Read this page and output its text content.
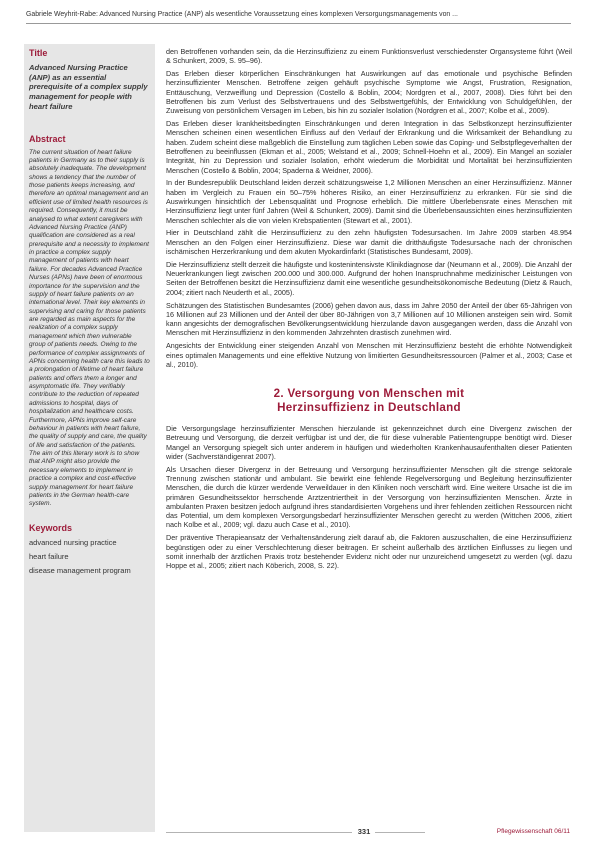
Gabriele Weyhrit-Rabe: Advanced Nursing Practice (ANP) als wesentliche Voraussetzung eines komplexen Versorgungsmanagements von ...
Title
Advanced Nursing Practice (ANP) as an essential prerequisite of a complex supply management for people with heart failure
Abstract

The current situation of heart failure patients in Germany as to their supply is absolutely inadequate. The development shows a tendency that the number of those patients keeps increasing, and therefore an optimal management and an efficient use of limited health resources is required. Consequently, it must be analysed to what extent caregivers with Advanced Nursing Practice (ANP) qualification are considered as a real prerequisite and a necessity to implement in practice a complex supply management of patients with heart failure. For decades Advanced Practice Nurses (APNs) have been of enormous importance for the supervision and the supply of heart failure patients on an international level. Their key elements in supervising and caring for those patients are regarded as main aspects for the realization of a complex supply management which then vulnerable group of patients needs. Owing to the performance of complex assignments of APNs concerning health care this leads to a prolongation of lifetime of heart failure patients and offers them a longer and asymptomatic life. They verifiably contribute to the reduction of repeated admissions to hospital, days of hospitalization and healthcare costs. Furthermore, APNs improve self-care behaviour in patients with heart failure, the quality of supply and care, the quality of life and satisfaction of the patients.

The aim of this literary work is to show that ANP might also provide the necessary elements to implement in practice a complex and cost-effective supply management for heart failure patients in the German health-care system.

Keywords
advanced nursing practice
heart failure
disease management program

den Betroffenen vorhanden sein, da die Herzinsuffizienz zu einem Funktionsverlust verschiedenster Organsysteme führt (Weil & Schunkert, 2009, S. 95–96).

Das Erleben dieser körperlichen Einschränkungen hat Auswirkungen auf das emotionale und psychische Befinden herzinsuffizienter Menschen. Betroffene zeigen gehäuft psychische Symptome wie Angst, Frustration, Resignation, Enttäuschung, Verzweiflung und Depression (Costello & Boblin, 2004; Nordgren et al., 2007, 2008). Dies führt bei den Betroffenen bis zum Verlust des Selbstvertrauens und des Selbstwertgefühls, der Entwicklung von Schuldgefühlen, der Zuweisung von persönlichem Versagen im Leben, bis hin zu sozialer Isolation (Nordgren et al., 2007; Kolbe et al., 2009).

Das Erleben dieser krankheitsbedingten Einschränkungen und deren Integration in das Selbstkonzept herzinsuffizienter Menschen scheinen einen wesentlichen Einfluss auf den Verlauf der Erkrankung und die Wirksamkeit der Behandlung zu haben. Zudem scheint diese maßgeblich die Einstellung zum täglichen Leben sowie das Coping- und Selbstpflegeverhalten der Betroffenen zu beeinflussen (Ekman et al., 2005; Welstand et al., 2009; Schnell-Hoehn et al., 2009). Ein Mangel an sozialer Integrität, hin zu Depression und sozialer Isolation, erhöht wiederum die Morbidität und Mortalität bei herzinsuffizienten Menschen (Costello & Boblin, 2004; Spaderna & Weidner, 2006).

In der Bundesrepublik Deutschland leiden derzeit schätzungsweise 1,2 Millionen Menschen an einer Herzinsuffizienz. Männer haben im Vergleich zu Frauen ein 50–75% höheres Risiko, an einer Herzinsuffizienz zu erkranken. Für sie sind die Auswirkungen hinsichtlich der Lebensqualität und Prognose erheblich. Die mittlere Überlebensrate eines Menschen mit Herzinsuffizienz liegt unter fünf Jahren (Weil & Schunkert, 2009). Damit sind die Überlebensaussichten eines herzinsuffizienten Menschen schlechter als die von vielen Krebspatienten (Stewart et al., 2001).

Hier in Deutschland zählt die Herzinsuffizienz zu den zehn häufigsten Todesursachen. Im Jahre 2009 starben 48.954 Menschen an den Folgen einer Herzinsuffizienz. Diese war damit die dritthäufigste Todesursache nach der chronischen ischämischen Herzerkrankung und dem akuten Myokardinfarkt (Statistisches Bundesamt, 2009).

Die Herzinsuffizienz stellt derzeit die häufigste und kostenintensivste Klinikdiagnose dar (Neumann et al., 2009). Die Anzahl der Neuerkrankungen liegt zwischen 200.000 und 300.000. Aufgrund der hohen Inanspruchnahme medizinischer Leistungen von Seiten der Betroffenen besitzt die Herzinsuffizienz damit eine wesentliche gesundheitsökonomische Bedeutung (Dietz & Rauch, 2004; zitiert nach Neuderth et al., 2005).

Schätzungen des Statistischen Bundesamtes (2006) gehen davon aus, dass im Jahre 2050 der Anteil der über 65-Jährigen von 16 Millionen auf 23 Millionen und der Anteil der über 80-Jährigen von 3,7 Millionen auf 10 Millionen ansteigen sein wird. Somit kann angesichts der demografischen Bevölkerungsentwicklung hierzulande davon ausgegangen werden, dass die Anzahl von Menschen mit Herzinsuffizienz in den kommenden Jahrzehnten drastisch zunehmen wird.

Angesichts der Entwicklung einer steigenden Anzahl von Menschen mit Herzinsuffizienz besteht die erhöhte Notwendigkeit eines optimalen Managements und eine effektive Nutzung von limitierten Gesundheitsressourcen (Palmer et al., 2003; Case et al., 2010).

2. Versorgung von Menschen mit
Herzinsuffizienz in Deutschland

Die Versorgungslage herzinsuffizienter Menschen hierzulande ist gekennzeichnet durch eine Divergenz zwischen der Betreuung und Versorgung, die derzeit verfügbar ist und der, die für diese vulnerable Patientengruppe benötigt wird. Dieser Mangel an Versorgung spiegelt sich unter anderem in häufigen und wiederholten Krankenhausaufenthalten dieser Patienten wider (Sachverständigenrat 2007).

Als Ursachen dieser Divergenz in der Betreuung und Versorgung herzinsuffizienter Menschen gilt die strenge sektorale Trennung zwischen stationär und ambulant. Sie bewirkt eine fehlende Regelversorgung und Begleitung herzinsuffizienter Menschen, die durch die kürzer werdende Verweildauer in den Kliniken noch verschärft wird. Eine weitere Ursache ist die im primären Gesundheitssektor herrschende Arztzentriertheit in der Versorgung von herzinsuffizienten Menschen. Ärzte in ambulanten Praxen besitzen jedoch aufgrund ihres standardisierten Vorgehens und ihrer fehlenden zeitlichen Ressourcen nicht das Potential, um dem komplexen Versorgungsbedarf herzinsuffizienter Menschen gerecht zu werden (Wittchen 2006, zitiert nach Kolbe et al., 2009; vgl. dazu auch Case et al., 2010).

Der präventive Therapieansatz der Verhaltensänderung zielt darauf ab, die Faktoren auszuschalten, die eine Herzinsuffizienz begünstigen oder zu einer Verschlechterung dieser beitragen. Er scheint außerhalb des ärztlichen Einflusses zu liegen und somit innerhalb der ärztlichen Praxis trotz bestehender Evidenz nicht oder nur unzureichend umgesetzt zu werden (vgl. dazu Hoppe et al., 2005; zitiert nach Köberich, 2008, S. 22).

331	Pflegewissenschaft 06/11
